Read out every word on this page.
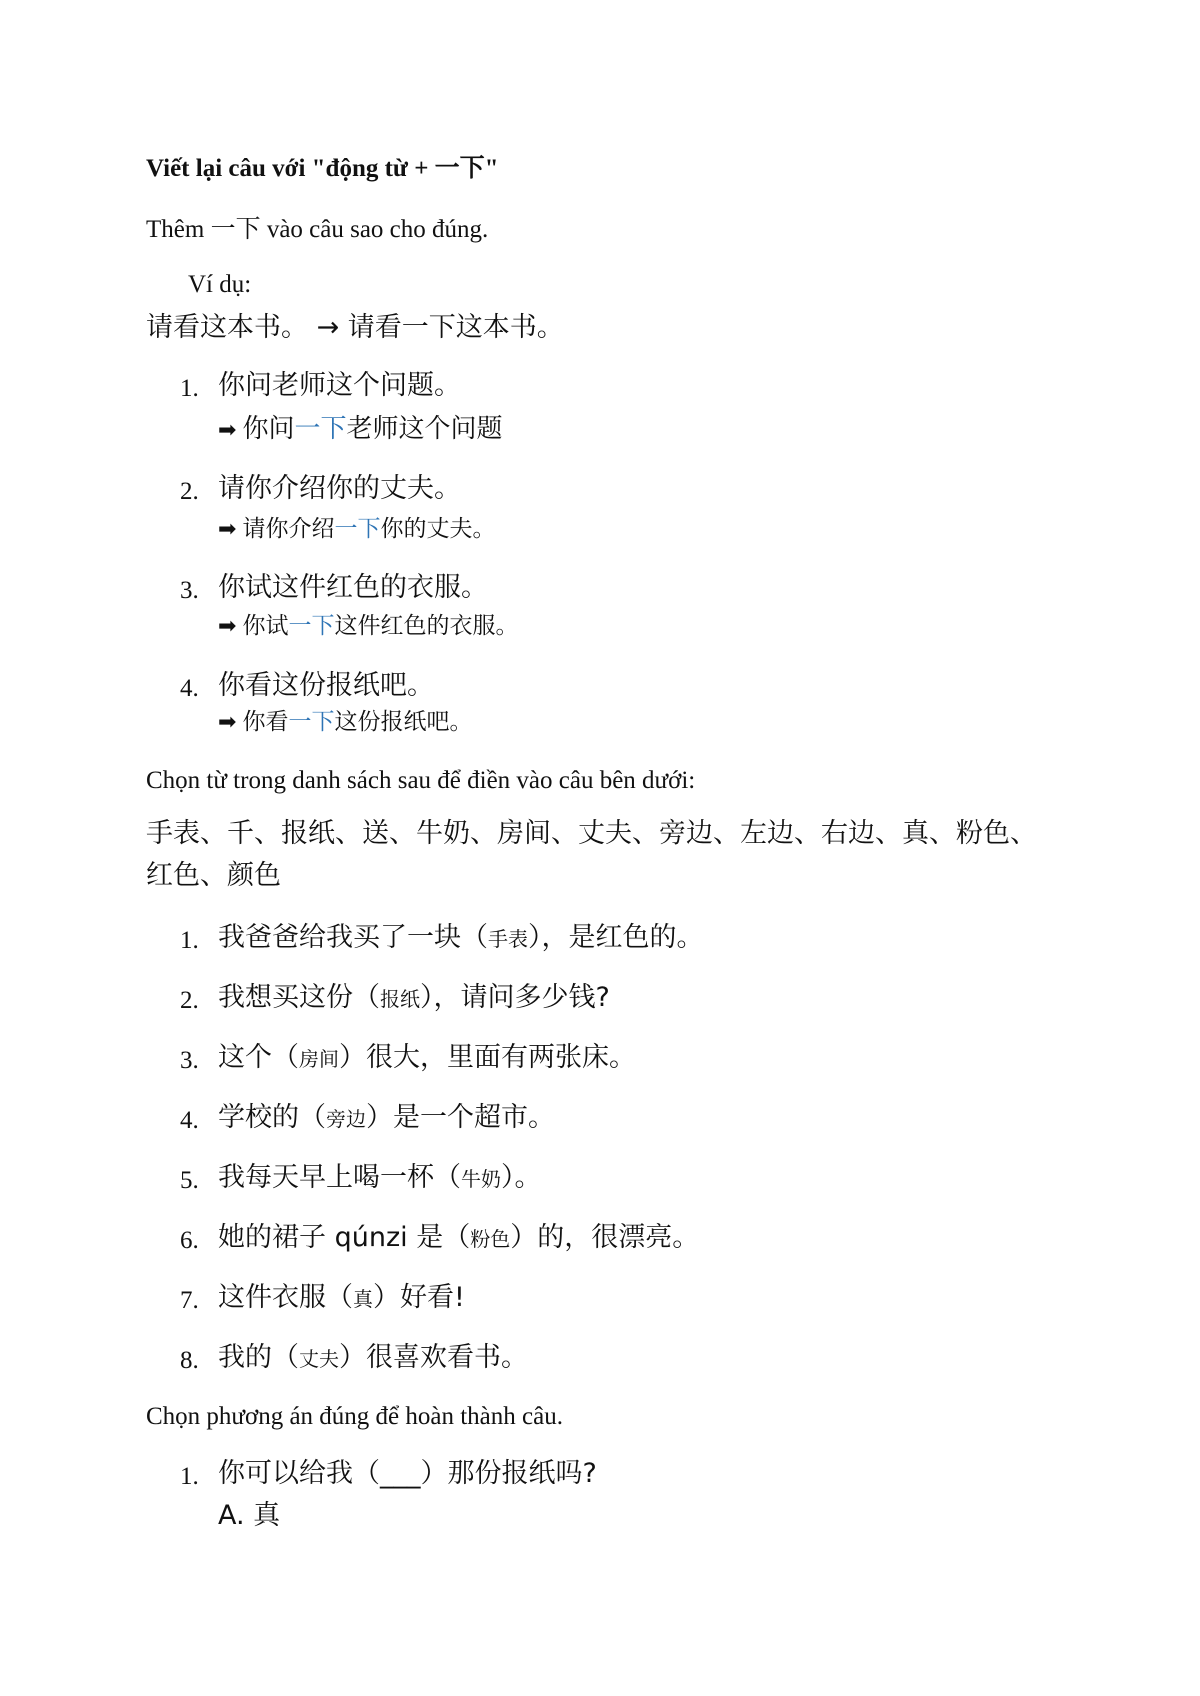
Viết lại câu với "động từ + 一下"
Thêm 一下 vào câu sao cho đúng.
Ví dụ:
请看这本书。 → 请看一下这本书。
1. 你问老师这个问题。
➡ 你问 一下 老师这个问题
2. 请你介绍你的丈夫。
➡ 请你介绍 一下 你的丈夫。
3. 你试这件红色的衣服。
➡ 你试 一下 这件红色的衣服。
4. 你看这份报纸吧。
➡ 你看 一下 这份报纸吧。
Chọn từ trong danh sách sau để điền vào câu bên dưới:
手表、千、报纸、送、牛奶、房间、丈夫、旁边、左边、右边、真、粉色、
红色、颜色
1. 我爸爸给我买了一块（手表），是红色的。
2. 我想买这份（报纸），请问多少钱?
3. 这个（房间）很大，里面有两张床。
4. 学校的（旁边）是一个超市。
5. 我每天早上喝一杯（牛奶）。
6. 她的裙子 qúnzi 是（粉色）的，很漂亮。
7. 这件衣服（真）好看!
8. 我的（丈夫）很喜欢看书。
Chọn phương án đúng để hoàn thành câu.
1. 你可以给我（___）那份报纸吗?
A. 真
